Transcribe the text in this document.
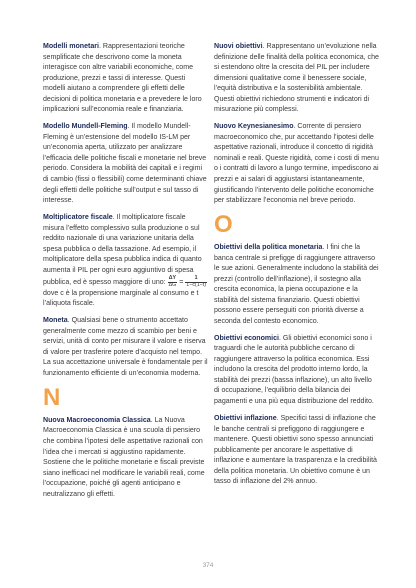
Modelli monetari. Rappresentazioni teoriche semplificate che descrivono come la moneta interagisce con altre variabili economiche, come produzione, prezzi e tassi di interesse. Questi modelli aiutano a comprendere gli effetti delle decisioni di politica monetaria e a prevedere le loro implicazioni sull’economia reale e finanziaria.

Modello Mundell-Fleming. Il modello Mundell-Fleming è un’estensione del modello IS-LM per un’economia aperta, utilizzato per analizzare l’efficacia delle politiche fiscali e monetarie nel breve periodo. Considera la mobilità dei capitali e i regimi di cambio (fissi o flessibili) come determinanti chiave degli effetti delle politiche sull’output e sul tasso di interesse.

Moltiplicatore fiscale. Il moltiplicatore fiscale misura l’effetto complessivo sulla produzione o sul reddito nazionale di una variazione unitaria della spesa pubblica o della tassazione. Ad esempio, il moltiplicatore della spesa pubblica indica di quanto aumenta il PIL per ogni euro aggiuntivo di spesa pubblica, ed è spesso maggiore di uno: $\frac{\Delta Y}{\Delta G} = \frac{1}{1-c(1-t)}$
dove c è la propensione marginale al consumo e t l’aliquota fiscale.

Moneta. Qualsiasi bene o strumento accettato generalmente come mezzo di scambio per beni e servizi, unità di conto per misurare il valore e riserva di valore per trasferire potere d’acquisto nel tempo. La sua accettazione universale è fondamentale per il funzionamento efficiente di un’economia moderna.

N

Nuova Macroeconomia Classica. La Nuova Macroeconomia Classica è una scuola di pensiero che combina l’ipotesi delle aspettative razionali con l’idea che i mercati si aggiustino rapidamente. Sostiene che le politiche monetarie e fiscali previste siano inefficaci nel modificare le variabili reali, come l’occupazione, poiché gli agenti anticipano e neutralizzano gli effetti.

Nuovi obiettivi. Rappresentano un’evoluzione nella definizione delle finalità della politica economica, che si estendono oltre la crescita del PIL per includere dimensioni qualitative come il benessere sociale, l’equità distributiva e la sostenibilità ambientale. Questi obiettivi richiedono strumenti e indicatori di misurazione più complessi.

Nuovo Keynesianesimo. Corrente di pensiero macroeconomico che, pur accettando l’ipotesi delle aspettative razionali, introduce il concetto di rigidità nominali e reali. Queste rigidità, come i costi di menu o i contratti di lavoro a lungo termine, impediscono ai prezzi e ai salari di aggiustarsi istantaneamente, giustificando l’intervento delle politiche economiche per stabilizzare l’economia nel breve periodo.

O

Obiettivi della politica monetaria. I fini che la banca centrale si prefigge di raggiungere attraverso le sue azioni. Generalmente includono la stabilità dei prezzi (controllo dell’inflazione), il sostegno alla crescita economica, la piena occupazione e la stabilità del sistema finanziario. Questi obiettivi possono essere perseguiti con priorità diverse a seconda del contesto economico.

Obiettivi economici. Gli obiettivi economici sono i traguardi che le autorità pubbliche cercano di raggiungere attraverso la politica economica. Essi includono la crescita del prodotto interno lordo, la stabilità dei prezzi (bassa inflazione), un alto livello di occupazione, l’equilibrio della bilancia dei pagamenti e una più equa distribuzione del reddito.

Obiettivi inflazione. Specifici tassi di inflazione che le banche centrali si prefiggono di raggiungere e mantenere. Questi obiettivi sono spesso annunciati pubblicamente per ancorare le aspettative di inflazione e aumentare la trasparenza e la credibilità della politica monetaria. Un obiettivo comune è un tasso di inflazione del 2% annuo.

374
